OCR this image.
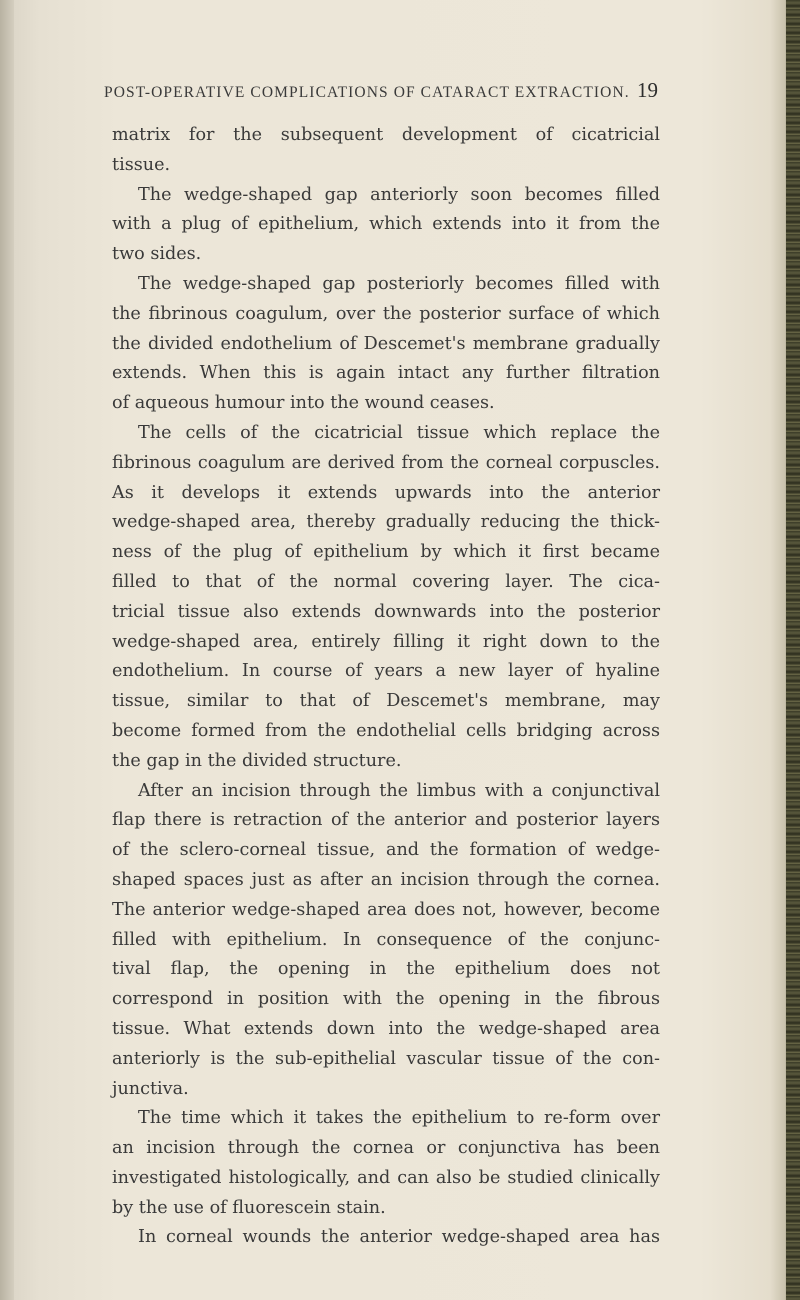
POST-OPERATIVE COMPLICATIONS OF CATARACT EXTRACTION. 19
matrix for the subsequent development of cicatricial
tissue.
The wedge-shaped gap anteriorly soon becomes filled
with a plug of epithelium, which extends into it from the
two sides.
The wedge-shaped gap posteriorly becomes filled with
the fibrinous coagulum, over the posterior surface of which
the divided endothelium of Descemet's membrane gradually
extends. When this is again intact any further filtration
of aqueous humour into the wound ceases.
The cells of the cicatricial tissue which replace the
fibrinous coagulum are derived from the corneal corpuscles.
As it develops it extends upwards into the anterior
wedge-shaped area, thereby gradually reducing the thick-
ness of the plug of epithelium by which it first became
filled to that of the normal covering layer. The cica-
tricial tissue also extends downwards into the posterior
wedge-shaped area, entirely filling it right down to the
endothelium. In course of years a new layer of hyaline
tissue, similar to that of Descemet's membrane, may
become formed from the endothelial cells bridging across
the gap in the divided structure.
After an incision through the limbus with a conjunctival
flap there is retraction of the anterior and posterior layers
of the sclero-corneal tissue, and the formation of wedge-
shaped spaces just as after an incision through the cornea.
The anterior wedge-shaped area does not, however, become
filled with epithelium. In consequence of the conjunc-
tival flap, the opening in the epithelium does not
correspond in position with the opening in the fibrous
tissue. What extends down into the wedge-shaped area
anteriorly is the sub-epithelial vascular tissue of the con-
junctiva.
The time which it takes the epithelium to re-form over
an incision through the cornea or conjunctiva has been
investigated histologically, and can also be studied clinically
by the use of fluorescein stain.
In corneal wounds the anterior wedge-shaped area has
